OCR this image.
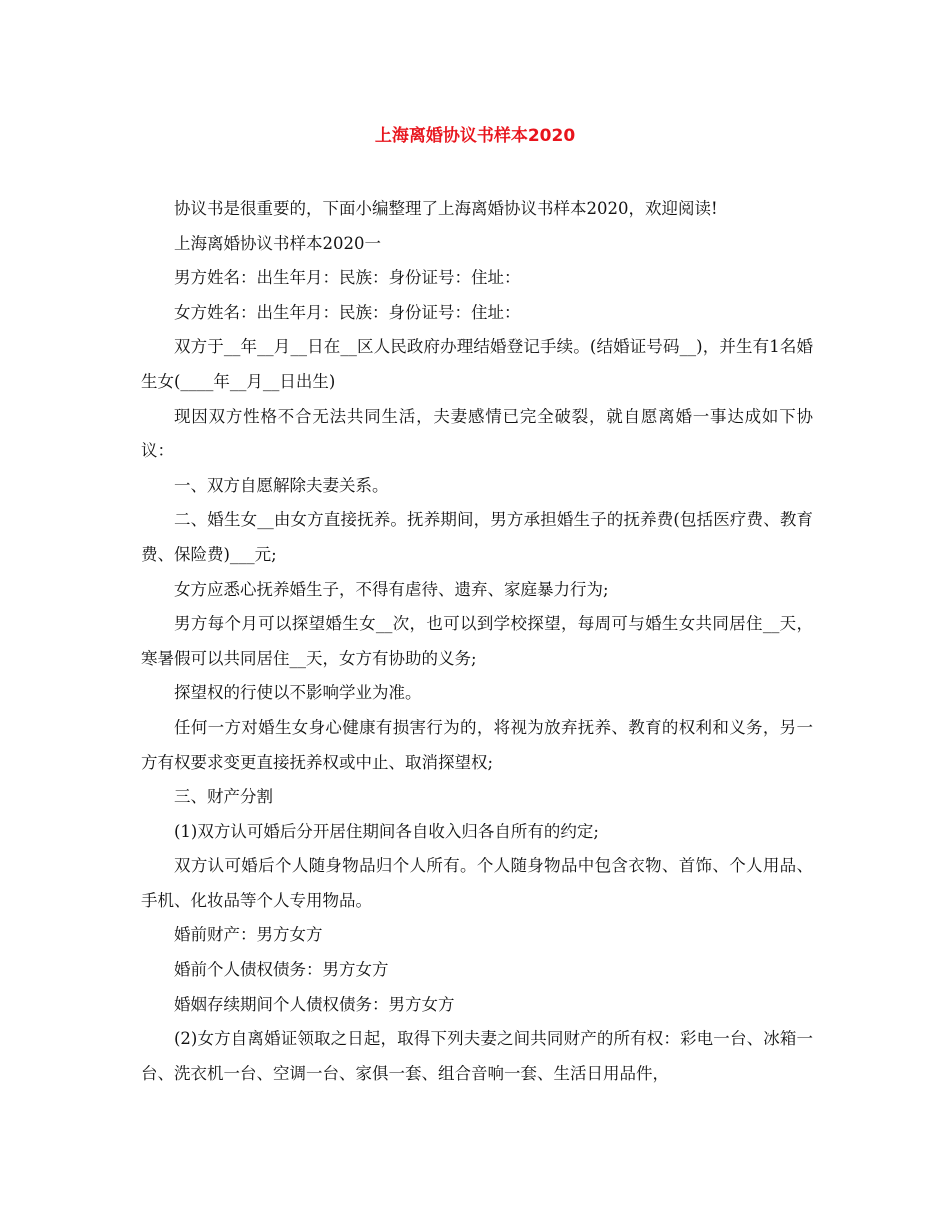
上海离婚协议书样本2020

协议书是很重要的，下面小编整理了上海离婚协议书样本2020，欢迎阅读!

上海离婚协议书样本2020一

男方姓名：出生年月：民族：身份证号：住址：

女方姓名：出生年月：民族：身份证号：住址：

双方于__年__月__日在__区人民政府办理结婚登记手续。(结婚证号码__)，并生有1名婚生女(____年__月__日出生)

现因双方性格不合无法共同生活，夫妻感情已完全破裂，就自愿离婚一事达成如下协议：

一、双方自愿解除夫妻关系。

二、婚生女__由女方直接抚养。抚养期间，男方承担婚生子的抚养费(包括医疗费、教育费、保险费)___元;

女方应悉心抚养婚生子，不得有虐待、遗弃、家庭暴力行为;

男方每个月可以探望婚生女__次，也可以到学校探望，每周可与婚生女共同居住__天，寒暑假可以共同居住__天，女方有协助的义务;

探望权的行使以不影响学业为准。

任何一方对婚生女身心健康有损害行为的，将视为放弃抚养、教育的权利和义务，另一方有权要求变更直接抚养权或中止、取消探望权;

三、财产分割

(1)双方认可婚后分开居住期间各自收入归各自所有的约定;

双方认可婚后个人随身物品归个人所有。个人随身物品中包含衣物、首饰、个人用品、手机、化妆品等个人专用物品。

婚前财产：男方女方

婚前个人债权债务：男方女方

婚姻存续期间个人债权债务：男方女方

(2)女方自离婚证领取之日起，取得下列夫妻之间共同财产的所有权：彩电一台、冰箱一台、洗衣机一台、空调一台、家俱一套、组合音响一套、生活日用品件，
